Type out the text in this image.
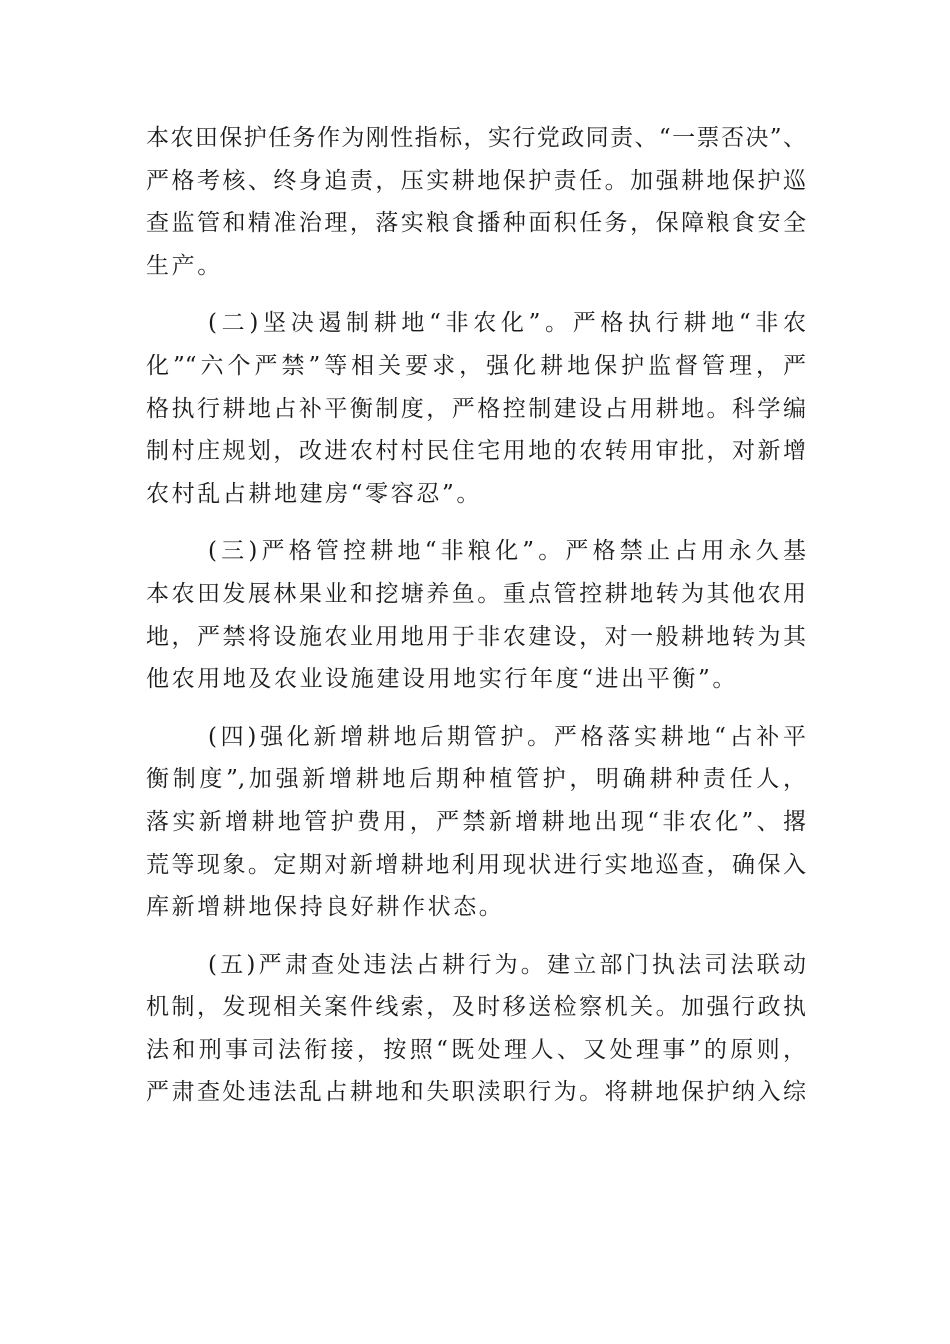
本农田保护任务作为刚性指标，实行党政同责、“一票否决”、
严格考核、终身追责，压实耕地保护责任。加强耕地保护巡
查监管和精准治理，落实粮食播种面积任务，保障粮食安全
生产。
(二)坚决遏制耕地“非农化”。严格执行耕地“非农
化”“六个严禁”等相关要求，强化耕地保护监督管理，严
格执行耕地占补平衡制度，严格控制建设占用耕地。科学编
制村庄规划，改进农村村民住宅用地的农转用审批，对新增
农村乱占耕地建房“零容忍”。
(三)严格管控耕地“非粮化”。严格禁止占用永久基
本农田发展林果业和挖塘养鱼。重点管控耕地转为其他农用
地，严禁将设施农业用地用于非农建设，对一般耕地转为其
他农用地及农业设施建设用地实行年度“进出平衡”。
(四)强化新增耕地后期管护。严格落实耕地“占补平
衡制度”,加强新增耕地后期种植管护，明确耕种责任人，
落实新增耕地管护费用，严禁新增耕地出现“非农化”、撂
荒等现象。定期对新增耕地利用现状进行实地巡查，确保入
库新增耕地保持良好耕作状态。
(五)严肃查处违法占耕行为。建立部门执法司法联动
机制，发现相关案件线索，及时移送检察机关。加强行政执
法和刑事司法衔接，按照“既处理人、又处理事”的原则，
严肃查处违法乱占耕地和失职渎职行为。将耕地保护纳入综
